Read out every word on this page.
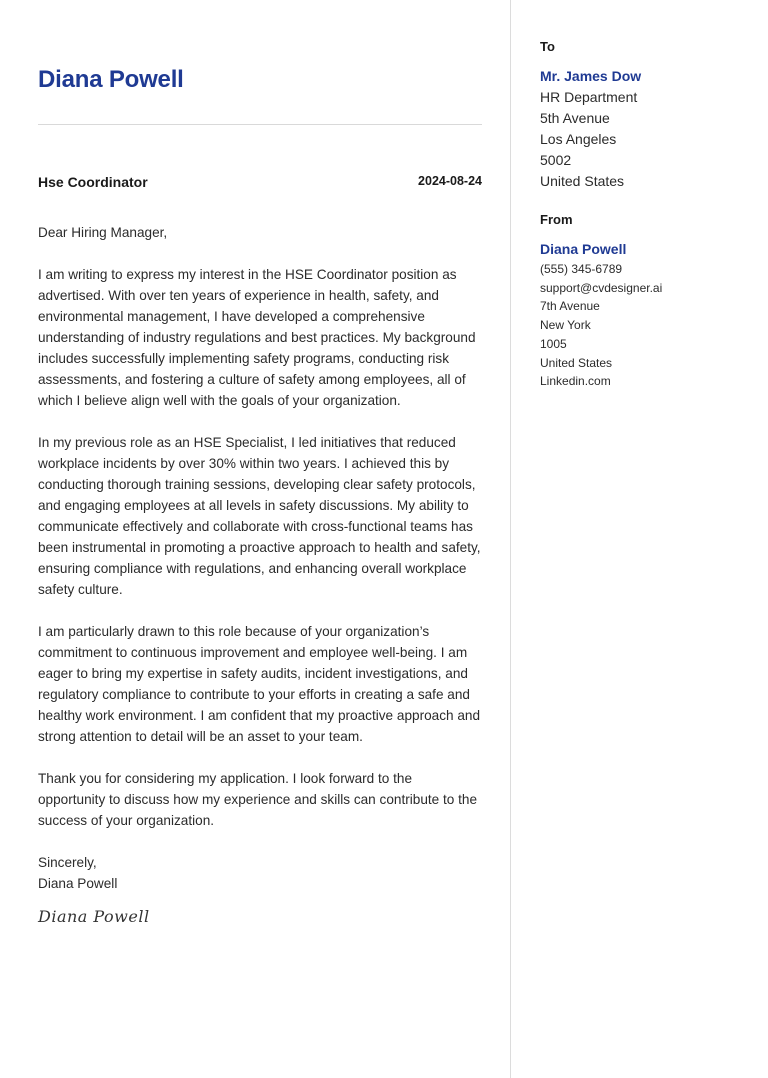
Diana Powell
Hse Coordinator	2024-08-24

Dear Hiring Manager,

I am writing to express my interest in the HSE Coordinator position as advertised. With over ten years of experience in health, safety, and environmental management, I have developed a comprehensive understanding of industry regulations and best practices. My background includes successfully implementing safety programs, conducting risk assessments, and fostering a culture of safety among employees, all of which I believe align well with the goals of your organization.

In my previous role as an HSE Specialist, I led initiatives that reduced workplace incidents by over 30% within two years. I achieved this by conducting thorough training sessions, developing clear safety protocols, and engaging employees at all levels in safety discussions. My ability to communicate effectively and collaborate with cross-functional teams has been instrumental in promoting a proactive approach to health and safety, ensuring compliance with regulations, and enhancing overall workplace safety culture.

I am particularly drawn to this role because of your organization’s commitment to continuous improvement and employee well-being. I am eager to bring my expertise in safety audits, incident investigations, and regulatory compliance to contribute to your efforts in creating a safe and healthy work environment. I am confident that my proactive approach and strong attention to detail will be an asset to your team.

Thank you for considering my application. I look forward to the opportunity to discuss how my experience and skills can contribute to the success of your organization.

Sincerely,
Diana Powell
Diana Powell
To
Mr. James Dow
HR Department
5th Avenue
Los Angeles
5002
United States
From
Diana Powell
(555) 345-6789
support@cvdesigner.ai
7th Avenue
New York
1005
United States
Linkedin.com
